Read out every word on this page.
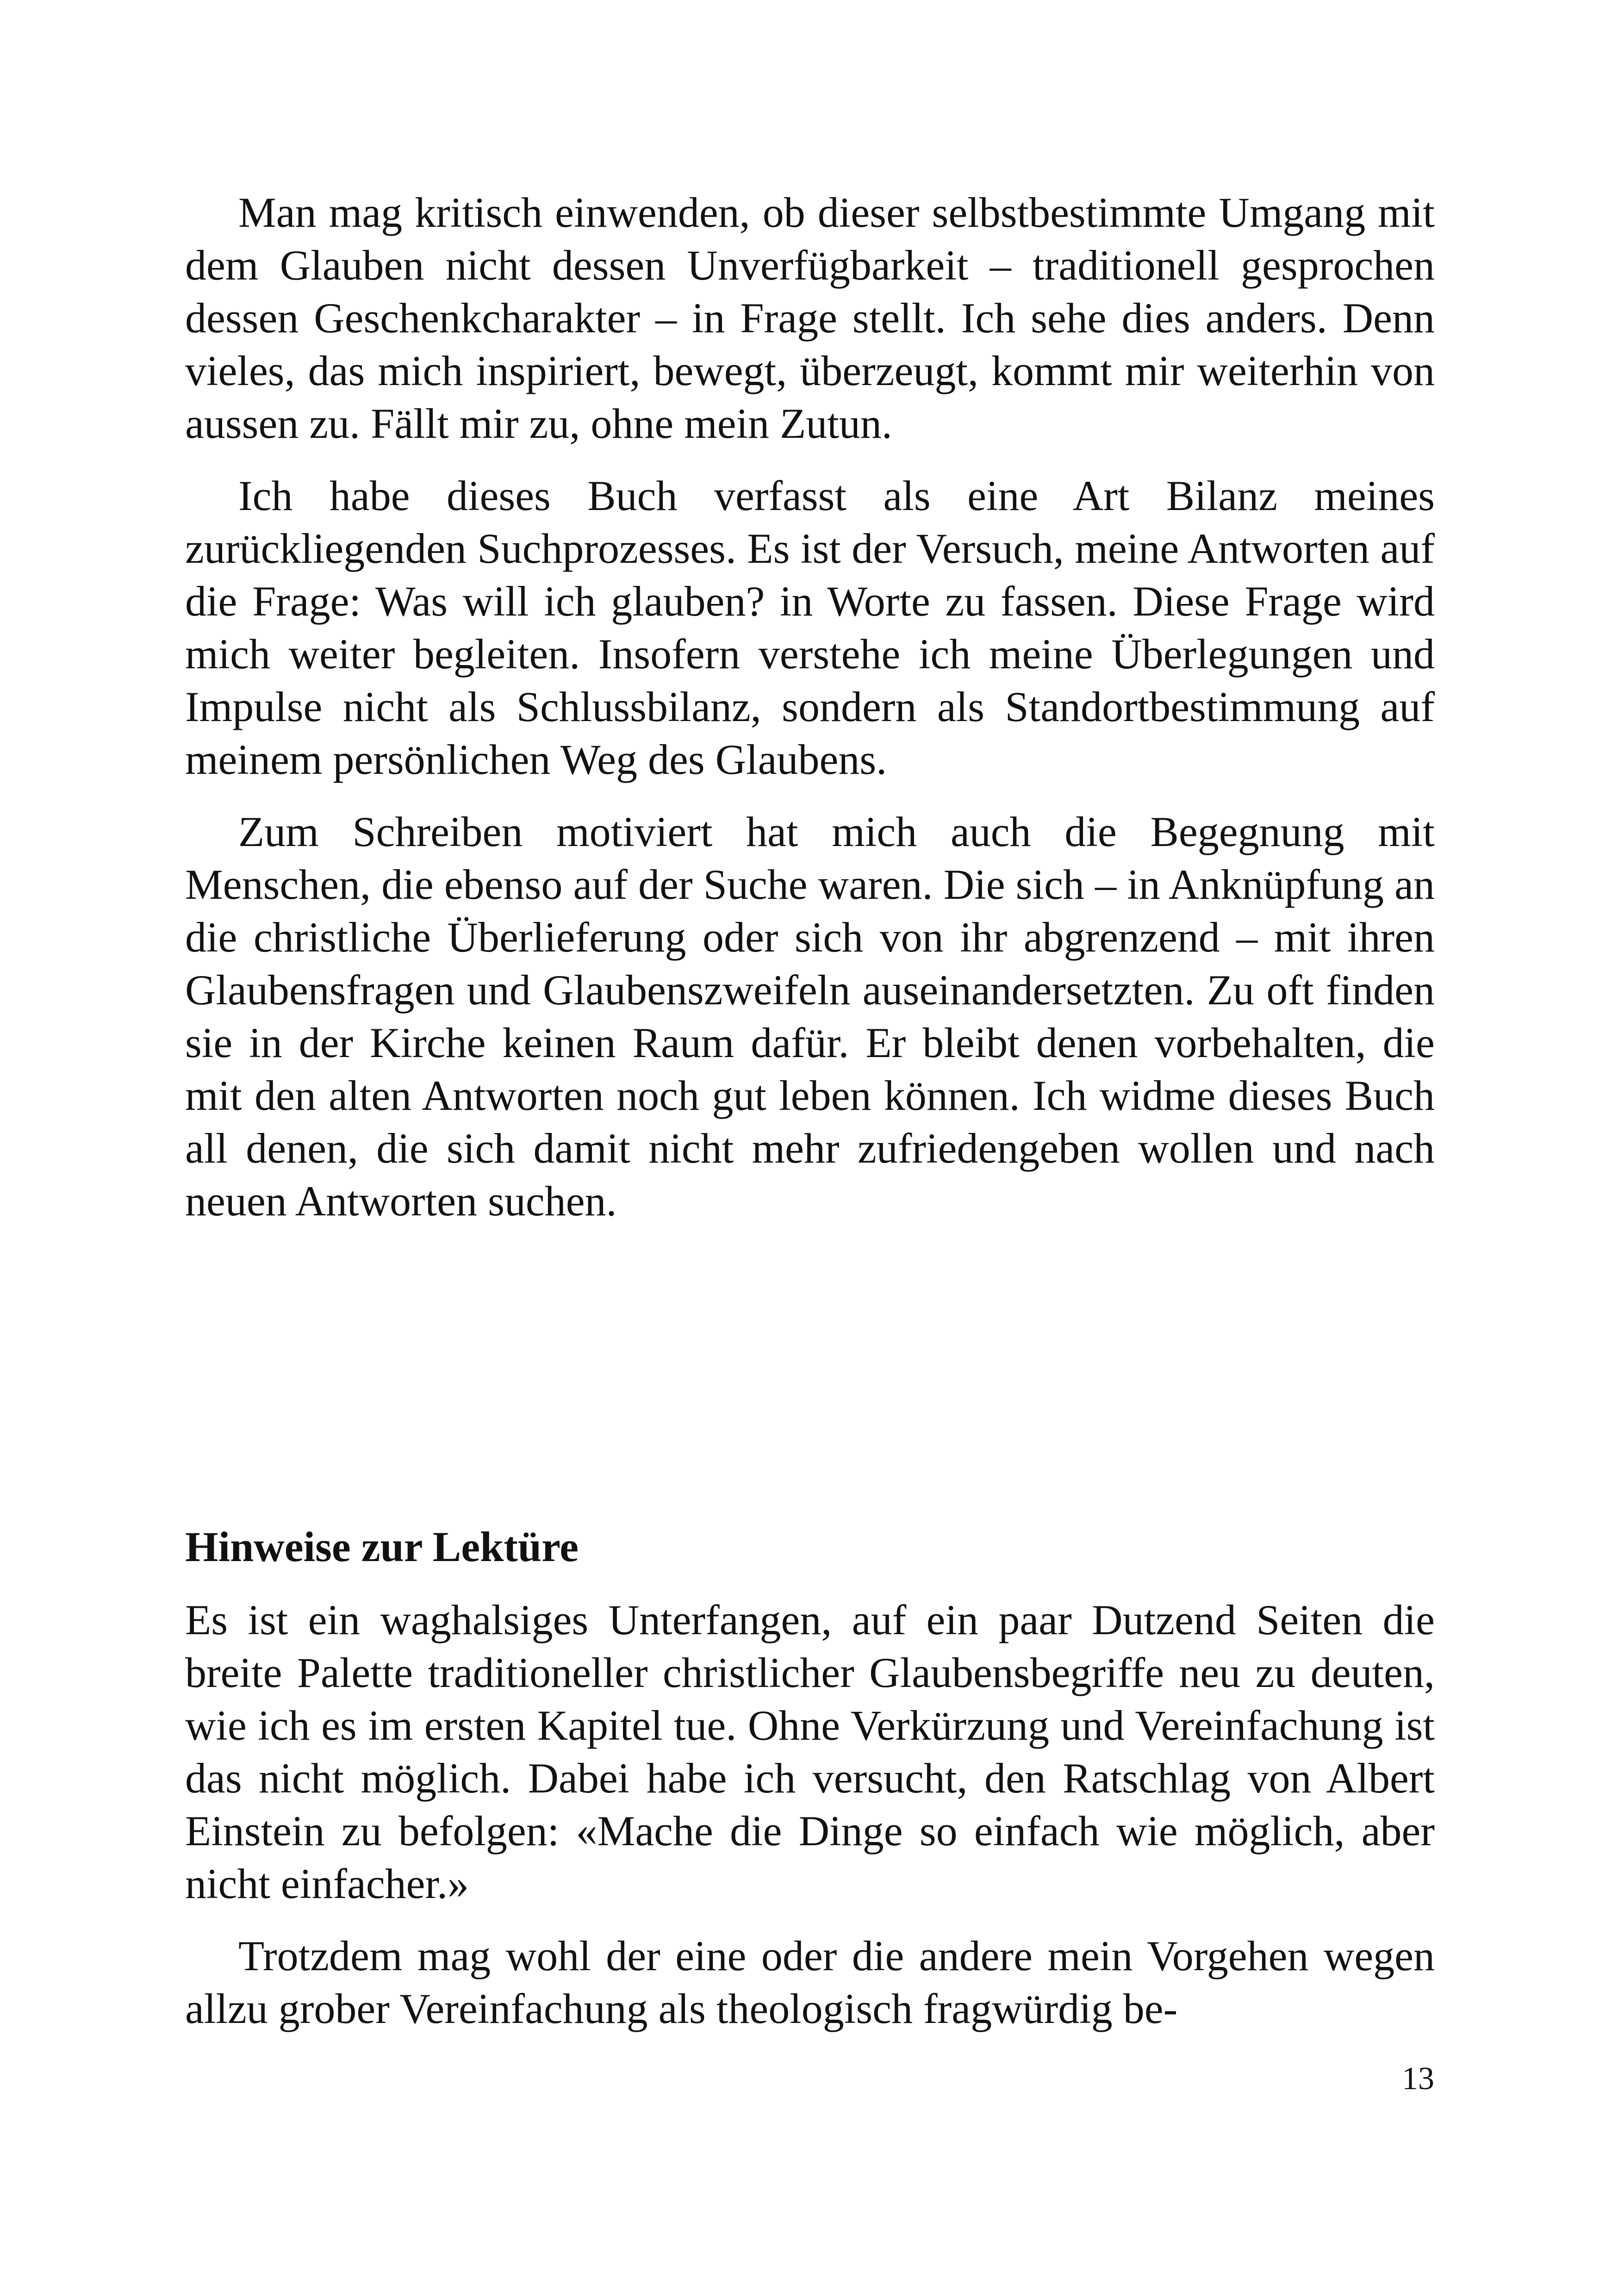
Man mag kritisch einwenden, ob dieser selbstbestimmte Umgang mit dem Glauben nicht dessen Unverfügbarkeit – traditionell gesprochen dessen Geschenkcharakter – in Frage stellt. Ich sehe dies anders. Denn vieles, das mich inspiriert, bewegt, überzeugt, kommt mir weiterhin von aussen zu. Fällt mir zu, ohne mein Zutun.

Ich habe dieses Buch verfasst als eine Art Bilanz meines zurückliegenden Suchprozesses. Es ist der Versuch, meine Antworten auf die Frage: Was will ich glauben? in Worte zu fassen. Diese Frage wird mich weiter begleiten. Insofern verstehe ich meine Überlegungen und Impulse nicht als Schlussbilanz, sondern als Standortbestimmung auf meinem persönlichen Weg des Glaubens.

Zum Schreiben motiviert hat mich auch die Begegnung mit Menschen, die ebenso auf der Suche waren. Die sich – in Anknüpfung an die christliche Überlieferung oder sich von ihr abgrenzend – mit ihren Glaubensfragen und Glaubenszweifeln auseinandersetzten. Zu oft finden sie in der Kirche keinen Raum dafür. Er bleibt denen vorbehalten, die mit den alten Antworten noch gut leben können. Ich widme dieses Buch all denen, die sich damit nicht mehr zufriedengeben wollen und nach neuen Antworten suchen.

Hinweise zur Lektüre

Es ist ein waghalsiges Unterfangen, auf ein paar Dutzend Seiten die breite Palette traditioneller christlicher Glaubensbegriffe neu zu deuten, wie ich es im ersten Kapitel tue. Ohne Verkürzung und Vereinfachung ist das nicht möglich. Dabei habe ich versucht, den Ratschlag von Albert Einstein zu befolgen: «Mache die Dinge so einfach wie möglich, aber nicht einfacher.»

Trotzdem mag wohl der eine oder die andere mein Vorgehen wegen allzu grober Vereinfachung als theologisch fragwürdig be-

13
